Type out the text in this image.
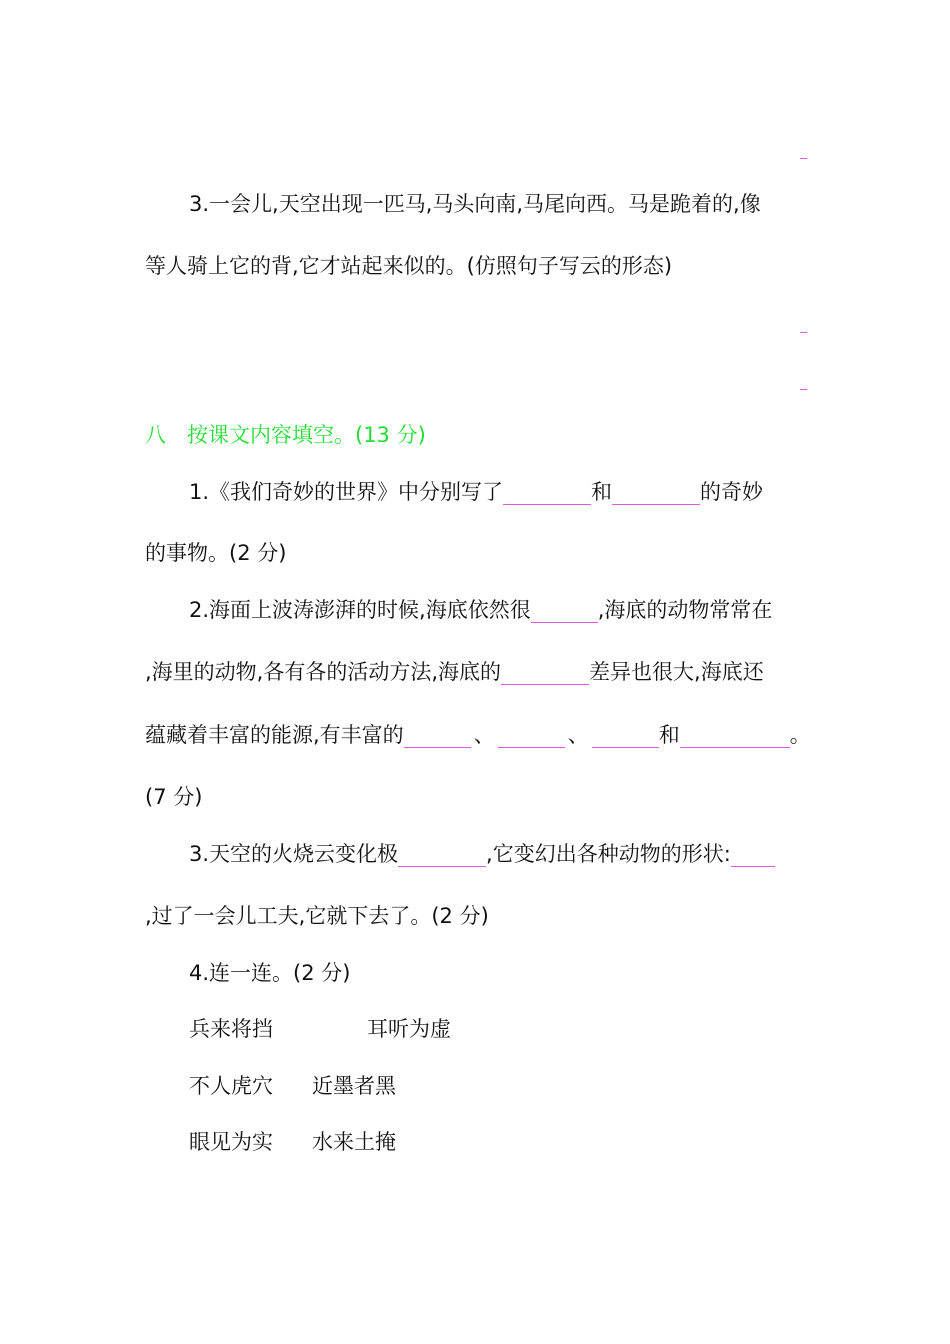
3.一会儿,天空出现一匹马,马头向南,马尾向西。马是跪着的,像
等人骑上它的背,它才站起来似的。(仿照句子写云的形态)
八　按课文内容填空。(13 分)
1.《我们奇妙的世界》中分别写了	和	的奇妙
的事物。(2 分)
2.海面上波涛澎湃的时候,海底依然很	,海底的动物常常在
,海里的动物,各有各的活动方法,海底的	差异也很大,海底还
蕴藏着丰富的能源,有丰富的	、	、	和	。
(7 分)
3.天空的火烧云变化极	,它变幻出各种动物的形状:
,过了一会儿工夫,它就下去了。(2 分)
4.连一连。(2 分)
兵来将挡	耳听为虚
不人虎穴 近墨者黑
眼见为实 水来土掩
